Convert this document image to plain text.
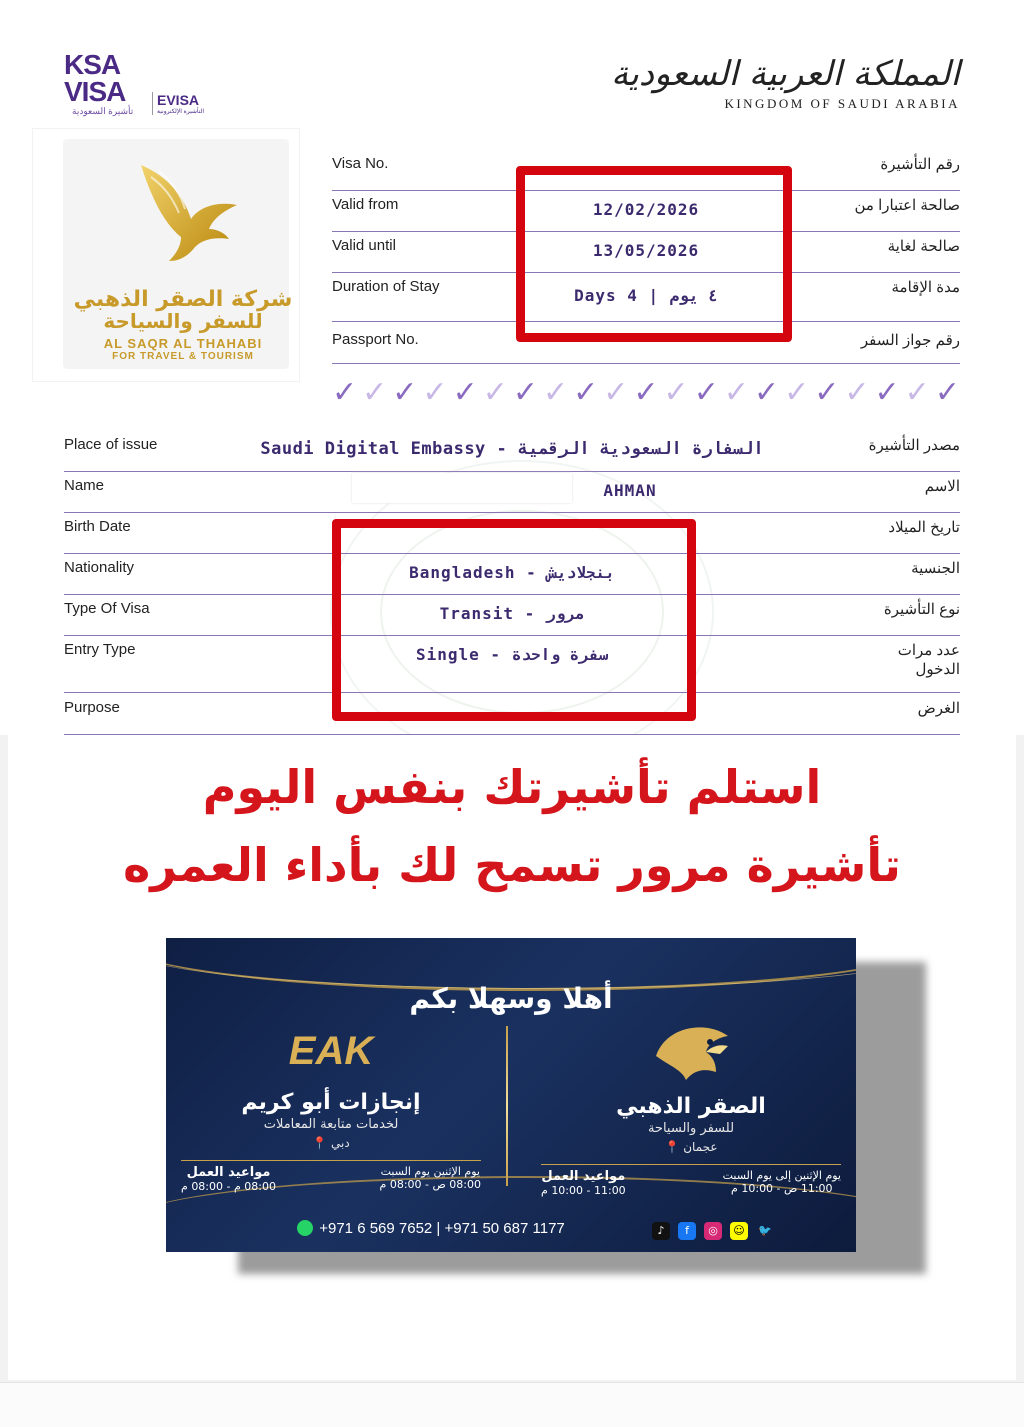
KSA
VISA
تأشيرة السعودية
EVISA
التأشيرة الإلكترونية
المملكة العربية السعودية
KINGDOM OF SAUDI ARABIA
شركة الصقر الذهبي
للسفر والسياحة
AL SAQR AL THAHABI
FOR TRAVEL & TOURISM
Visa No.	رقم التأشيرة
Valid from	12/02/2026	صالحة اعتبارا من
Valid until	13/05/2026	صالحة لغاية
Duration of Stay	Days 4 | ٤ يوم	مدة الإقامة
Passport No.	رقم جواز السفر
✓ ✓ ✓ ✓ ✓ ✓ ✓ ✓ ✓ ✓ ✓ ✓ ✓ ✓ ✓ ✓ ✓ ✓ ✓ ✓ ✓
Place of issue	Saudi Digital Embassy - السفارة السعودية الرقمية	مصدر التأشيرة
Name	AHMAN	الاسم
Birth Date	تاريخ الميلاد
Nationality	Bangladesh - بنجلاديش	الجنسية
Type Of Visa	Transit - مرور	نوع التأشيرة
Entry Type	Single - سفرة واحدة	عدد مرات الدخول
Purpose	الغرض
استلم تأشيرتك بنفس اليوم
تأشيرة مرور تسمح لك بأداء العمره
أهلا وسهلا بكم
الصقر الذهبي
للسفر والسياحة
📍 عجمان
يوم الإثنين إلى يوم السبت
11:00 ص - 10:00 م
مواعيد العمل
11:00 - 10:00 م
EAK
إنجازات أبو كريم
لخدمات متابعة المعاملات
📍 دبي
يوم الإثنين يوم السبت
08:00 ص - 08:00 م
مواعيد العمل
08:00 م - 08:00 م
+971 6 569 7652 | +971 50 687 1177	♪	f	◎	☺ 🐦
